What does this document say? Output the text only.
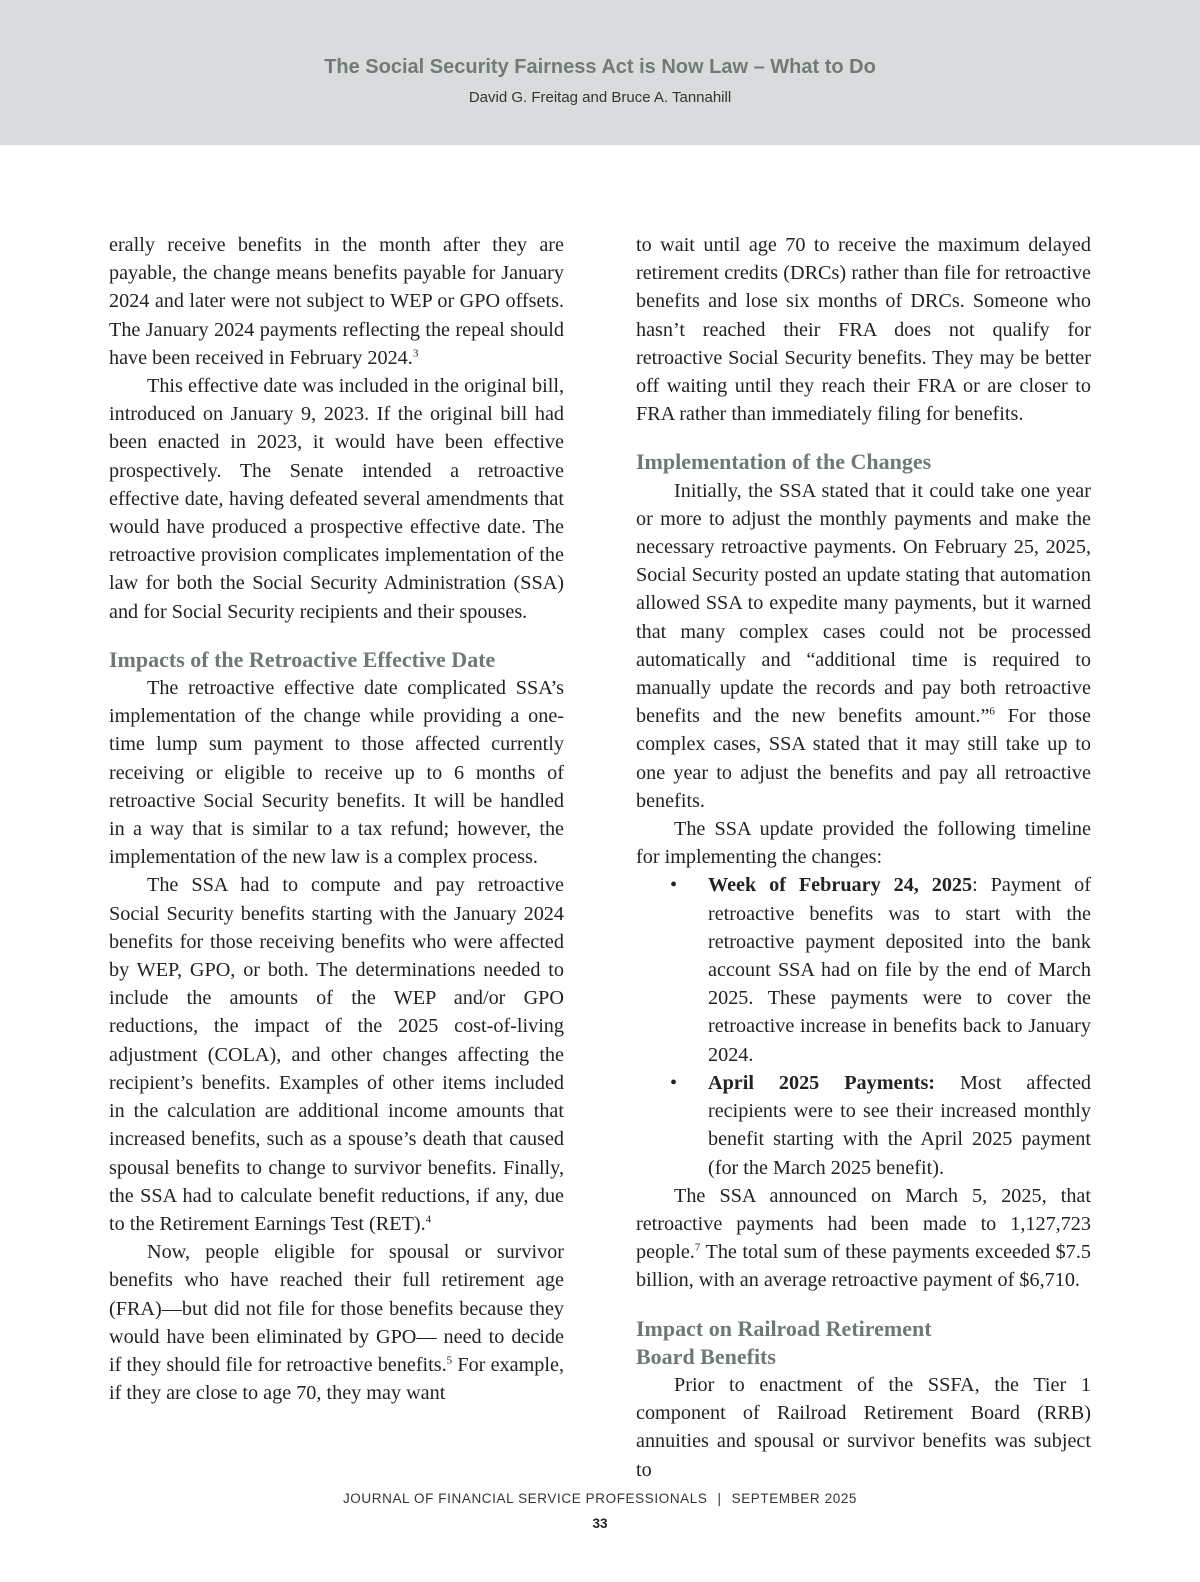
The Social Security Fairness Act is Now Law – What to Do
David G. Freitag and Bruce A. Tannahill

erally receive benefits in the month after they are payable, the change means benefits payable for January 2024 and later were not subject to WEP or GPO offsets. The January 2024 payments reflecting the repeal should have been received in February 2024.$^3$

This effective date was included in the original bill, introduced on January 9, 2023. If the original bill had been enacted in 2023, it would have been effective prospectively. The Senate intended a retroactive effective date, having defeated several amendments that would have produced a prospective effective date. The retroactive provision complicates implementation of the law for both the Social Security Administration (SSA) and for Social Security recipients and their spouses.

Impacts of the Retroactive Effective Date

The retroactive effective date complicated SSA’s implementation of the change while providing a one-time lump sum payment to those affected currently receiving or eligible to receive up to 6 months of retroactive Social Security benefits. It will be handled in a way that is similar to a tax refund; however, the implementation of the new law is a complex process.

The SSA had to compute and pay retroactive Social Security benefits starting with the January 2024 benefits for those receiving benefits who were affected by WEP, GPO, or both. The determinations needed to include the amounts of the WEP and/or GPO reductions, the impact of the 2025 cost-of-living adjustment (COLA), and other changes affecting the recipient’s benefits. Examples of other items included in the calculation are additional income amounts that increased benefits, such as a spouse’s death that caused spousal benefits to change to survivor benefits. Finally, the SSA had to calculate benefit reductions, if any, due to the Retirement Earnings Test (RET).$^4$

Now, people eligible for spousal or survivor benefits who have reached their full retirement age (FRA)—but did not file for those benefits because they would have been eliminated by GPO— need to decide if they should file for retroactive benefits.$^5$ For example, if they are close to age 70, they may want

to wait until age 70 to receive the maximum delayed retirement credits (DRCs) rather than file for retroactive benefits and lose six months of DRCs. Someone who hasn’t reached their FRA does not qualify for retroactive Social Security benefits. They may be better off waiting until they reach their FRA or are closer to FRA rather than immediately filing for benefits.

Implementation of the Changes

Initially, the SSA stated that it could take one year or more to adjust the monthly payments and make the necessary retroactive payments. On February 25, 2025, Social Security posted an update stating that automation allowed SSA to expedite many payments, but it warned that many complex cases could not be processed automatically and “additional time is required to manually update the records and pay both retroactive benefits and the new benefits amount.”$^6$ For those complex cases, SSA stated that it may still take up to one year to adjust the benefits and pay all retroactive benefits.

The SSA update provided the following timeline for implementing the changes:

• Week of February 24, 2025: Payment of retroactive benefits was to start with the retroactive payment deposited into the bank account SSA had on file by the end of March 2025. These payments were to cover the retroactive increase in benefits back to January 2024.
• April 2025 Payments: Most affected recipients were to see their increased monthly benefit starting with the April 2025 payment (for the March 2025 benefit).

The SSA announced on March 5, 2025, that retroactive payments had been made to 1,127,723 people.$^7$ The total sum of these payments exceeded $7.5 billion, with an average retroactive payment of $6,710.

Impact on Railroad Retirement
Board Benefits

Prior to enactment of the SSFA, the Tier 1 component of Railroad Retirement Board (RRB) annuities and spousal or survivor benefits was subject to

JOURNAL OF FINANCIAL SERVICE PROFESSIONALS | SEPTEMBER 2025
33
